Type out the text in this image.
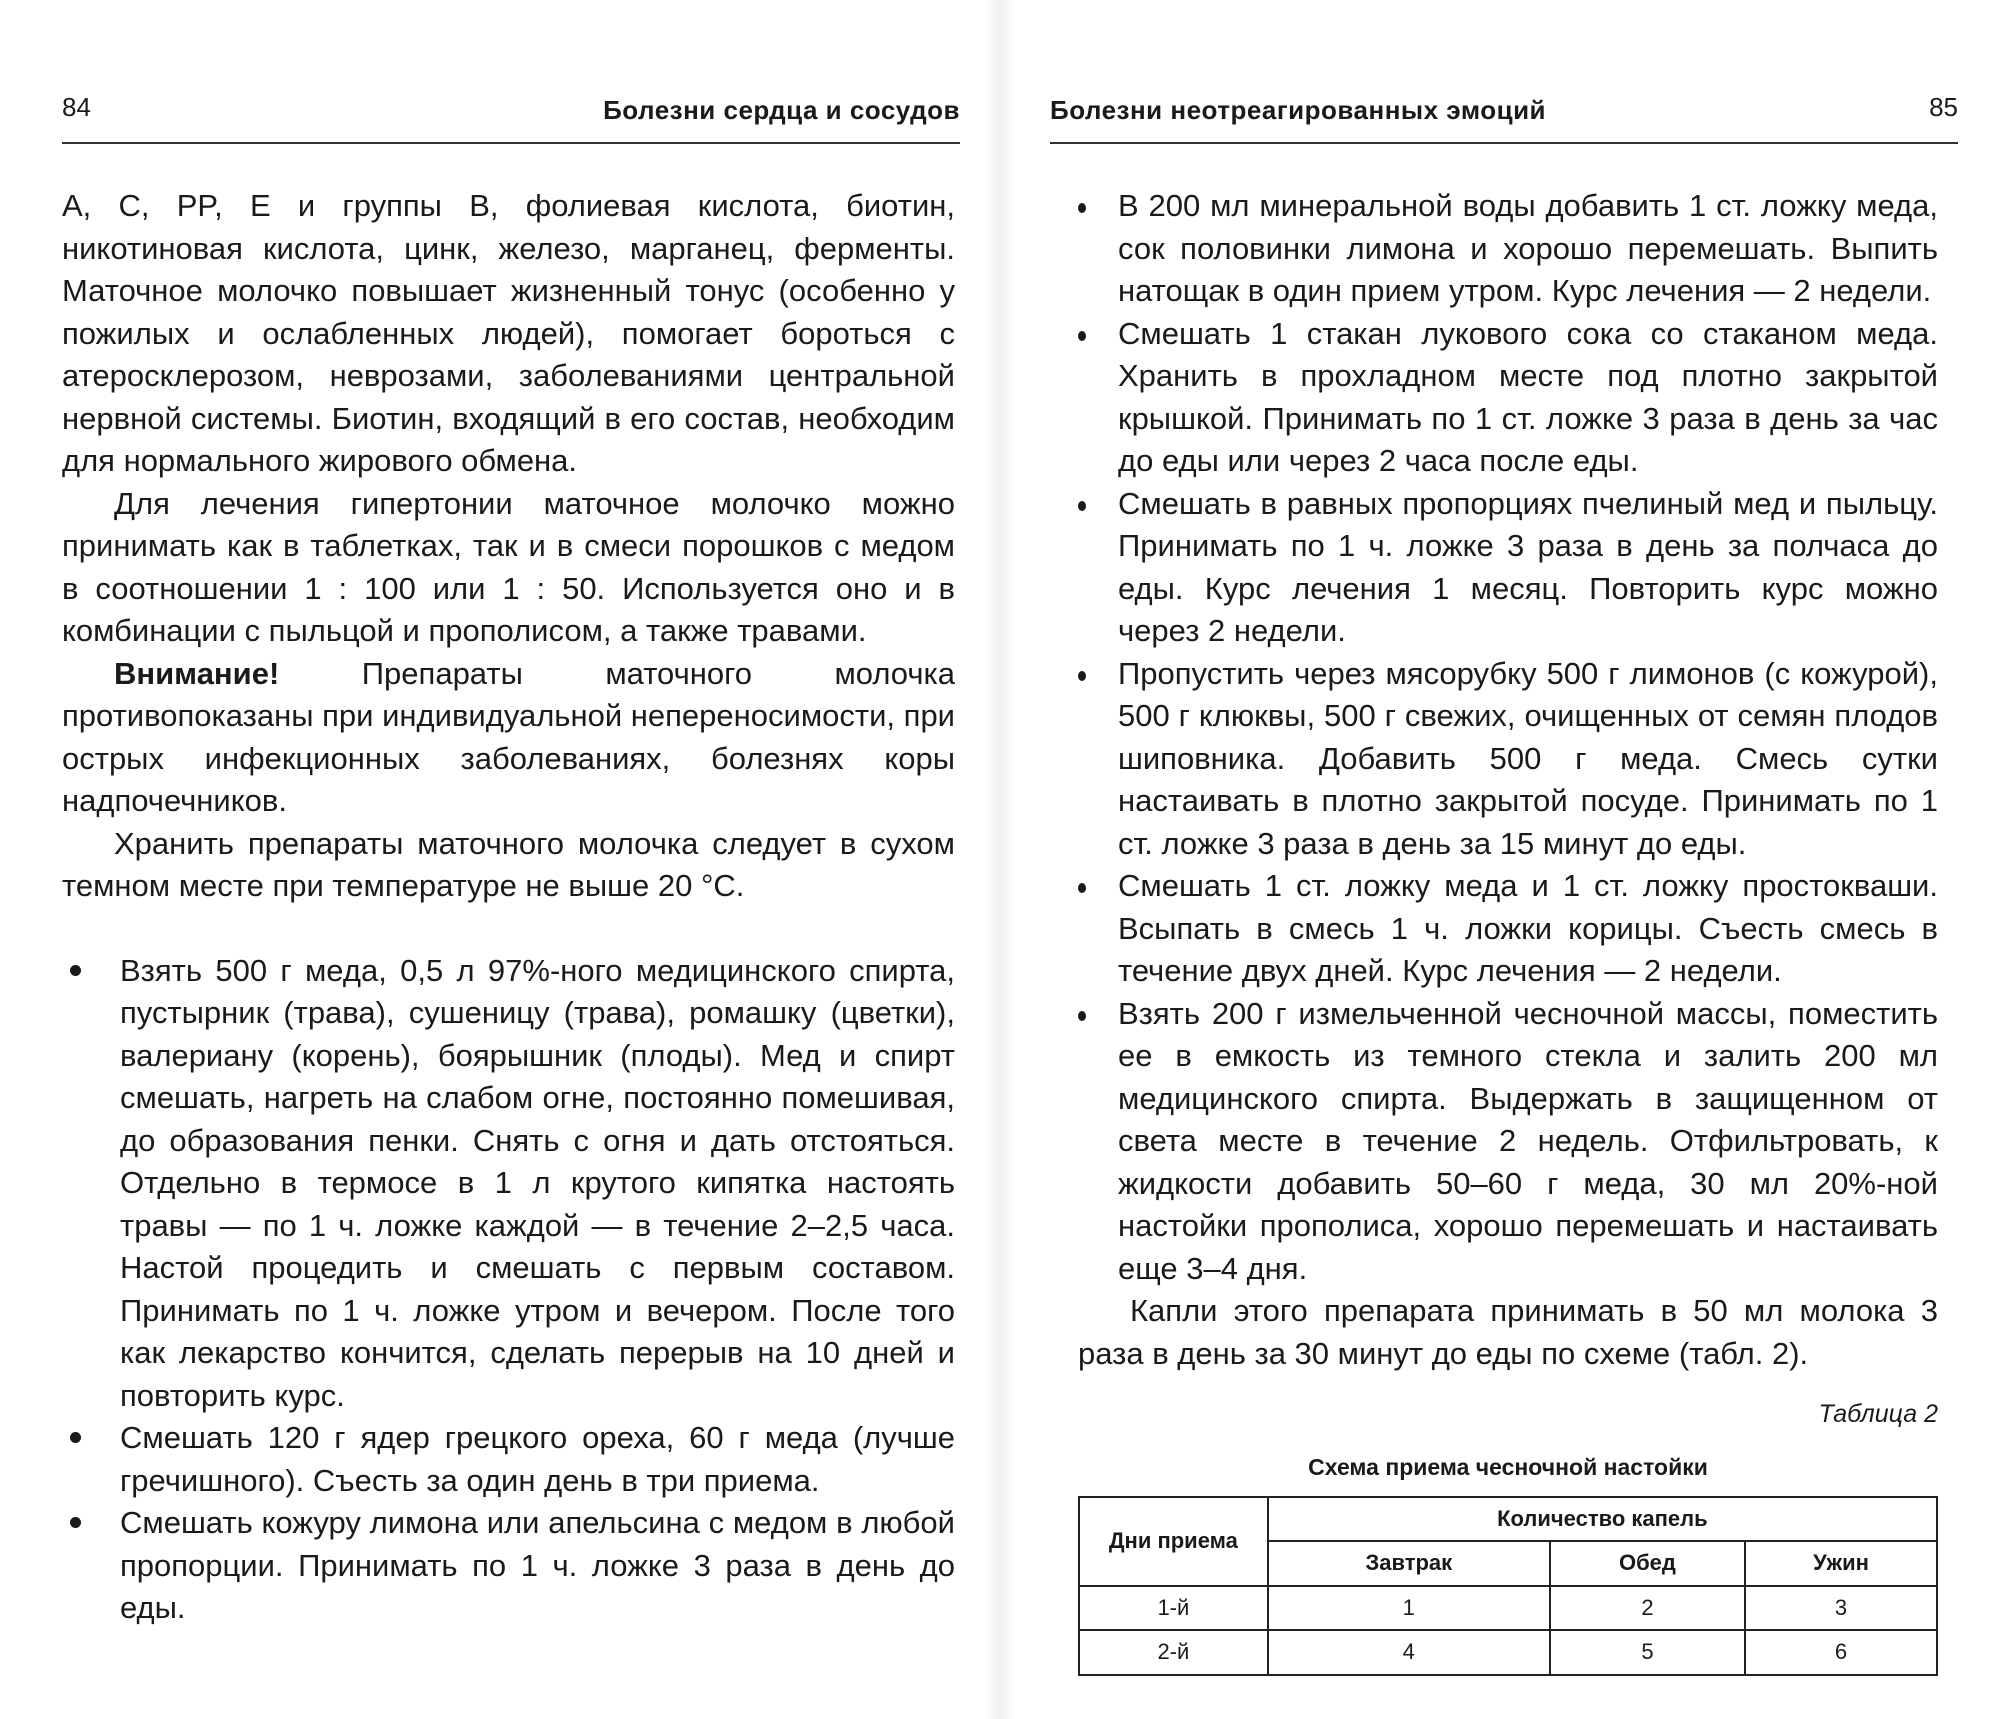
84	Болезни сердца и сосудов

А, С, PP, Е и группы В, фолиевая кислота, биотин, никотиновая кислота, цинк, железо, марганец, ферменты. Маточное молочко повышает жизненный тонус (особенно у пожилых и ослабленных людей), помогает бороться с атеросклерозом, неврозами, заболеваниями центральной нервной системы. Биотин, входящий в его состав, необходим для нормального жирового обмена.

Для лечения гипертонии маточное молочко можно принимать как в таблетках, так и в смеси порошков с медом в соотношении 1 : 100 или 1 : 50. Используется оно и в комбинации с пыльцой и прополисом, а также травами.

Внимание! Препараты маточного молочка противопоказаны при индивидуальной непереносимости, при острых инфекционных заболеваниях, болезнях коры надпочечников.

Хранить препараты маточного молочка следует в сухом темном месте при температуре не выше 20 °С.

Взять 500 г меда, 0,5 л 97%-ного медицинского спирта, пустырник (трава), сушеницу (трава), ромашку (цветки), валериану (корень), боярышник (плоды). Мед и спирт смешать, нагреть на слабом огне, постоянно помешивая, до образования пенки. Снять с огня и дать отстояться. Отдельно в термосе в 1 л крутого кипятка настоять травы — по 1 ч. ложке каждой — в течение 2–2,5 часа. Настой процедить и смешать с первым составом. Принимать по 1 ч. ложке утром и вечером. После того как лекарство кончится, сделать перерыв на 10 дней и повторить курс.
Смешать 120 г ядер грецкого ореха, 60 г меда (лучше гречишного). Съесть за один день в три приема.
Смешать кожуру лимона или апельсина с медом в любой пропорции. Принимать по 1 ч. ложке 3 раза в день до еды.
Болезни неотреагированных эмоций	85
В 200 мл минеральной воды добавить 1 ст. ложку меда, сок половинки лимона и хорошо перемешать. Выпить натощак в один прием утром. Курс лечения — 2 недели.
Смешать 1 стакан лукового сока со стаканом меда. Хранить в прохладном месте под плотно закрытой крышкой. Принимать по 1 ст. ложке 3 раза в день за час до еды или через 2 часа после еды.
Смешать в равных пропорциях пчелиный мед и пыльцу. Принимать по 1 ч. ложке 3 раза в день за полчаса до еды. Курс лечения 1 месяц. Повторить курс можно через 2 недели.
Пропустить через мясорубку 500 г лимонов (с кожурой), 500 г клюквы, 500 г свежих, очищенных от семян плодов шиповника. Добавить 500 г меда. Смесь сутки настаивать в плотно закрытой посуде. Принимать по 1 ст. ложке 3 раза в день за 15 минут до еды.
Смешать 1 ст. ложку меда и 1 ст. ложку простокваши. Всыпать в смесь 1 ч. ложки корицы. Съесть смесь в течение двух дней. Курс лечения — 2 недели.
Взять 200 г измельченной чесночной массы, поместить ее в емкость из темного стекла и залить 200 мл медицинского спирта. Выдержать в защищенном от света месте в течение 2 недель. Отфильтровать, к жидкости добавить 50–60 г меда, 30 мл 20%-ной настойки прополиса, хорошо перемешать и настаивать еще 3–4 дня.

Капли этого препарата принимать в 50 мл молока 3 раза в день за 30 минут до еды по схеме (табл. 2).

Таблица 2
Схема приема чесночной настойки
Дни приема	Количество капель		
	Завтрак	Обед	Ужин
1-й	1	2	3
2-й	4	5	6
